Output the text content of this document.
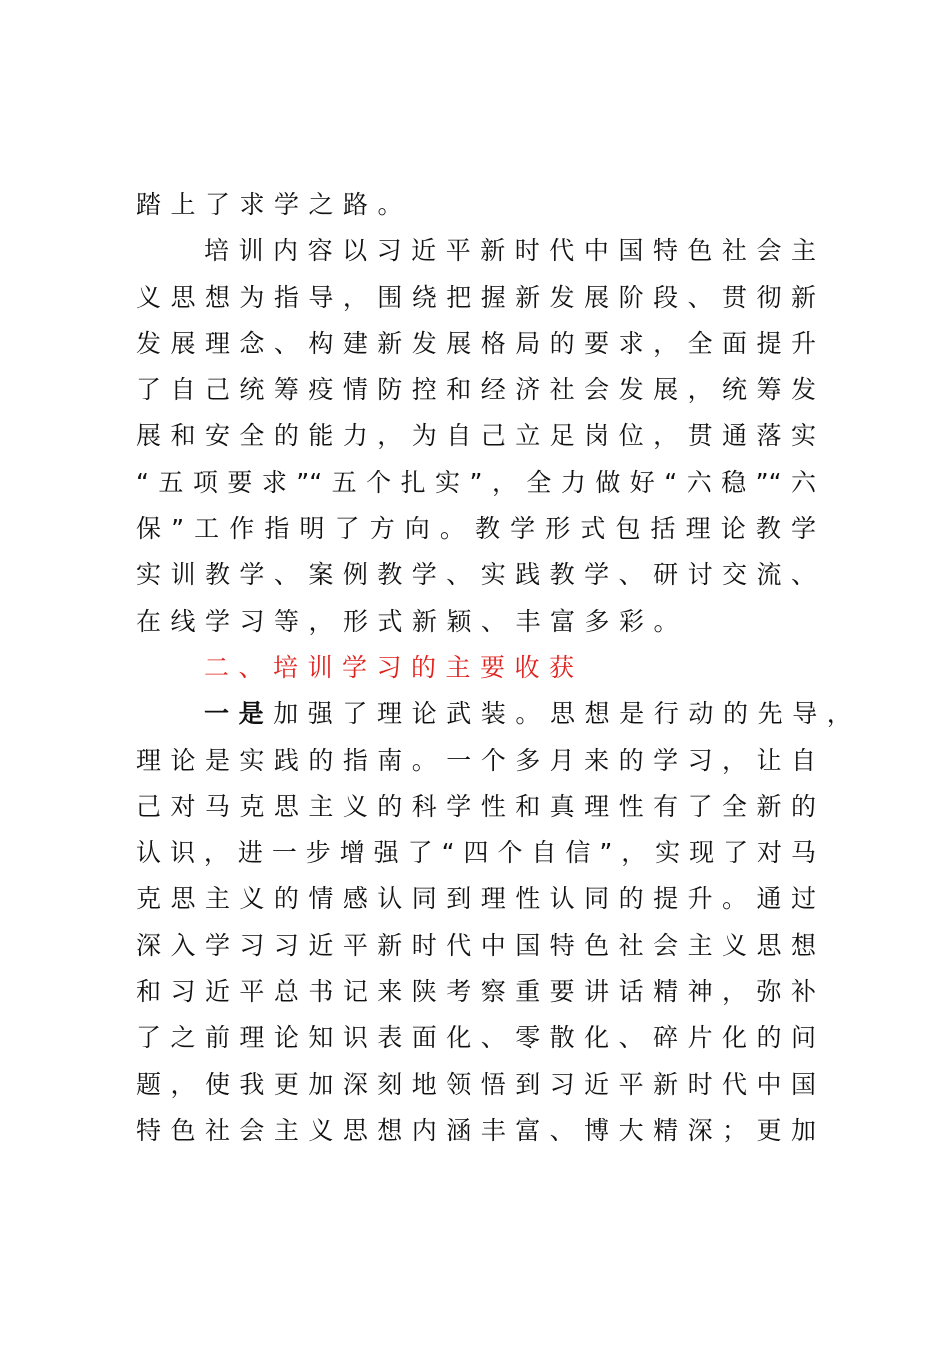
踏上了求学之路。
培训内容以习近平新时代中国特色社会主
义思想为指导，围绕把握新发展阶段、贯彻新
发展理念、构建新发展格局的要求，全面提升
了自己统筹疫情防控和经济社会发展，统筹发
展和安全的能力，为自己立足岗位，贯通落实
“五项要求”“五个扎实”，全力做好“六稳”“六
保”工作指明了方向。教学形式包括理论教学
实训教学、案例教学、实践教学、研讨交流、
在线学习等，形式新颖、丰富多彩。
二、培训学习的主要收获
一是加强了理论武装。思想是行动的先导，
理论是实践的指南。一个多月来的学习，让自
己对马克思主义的科学性和真理性有了全新的
认识，进一步增强了“四个自信”，实现了对马
克思主义的情感认同到理性认同的提升。通过
深入学习习近平新时代中国特色社会主义思想
和习近平总书记来陕考察重要讲话精神，弥补
了之前理论知识表面化、零散化、碎片化的问
题，使我更加深刻地领悟到习近平新时代中国
特色社会主义思想内涵丰富、博大精深；更加
